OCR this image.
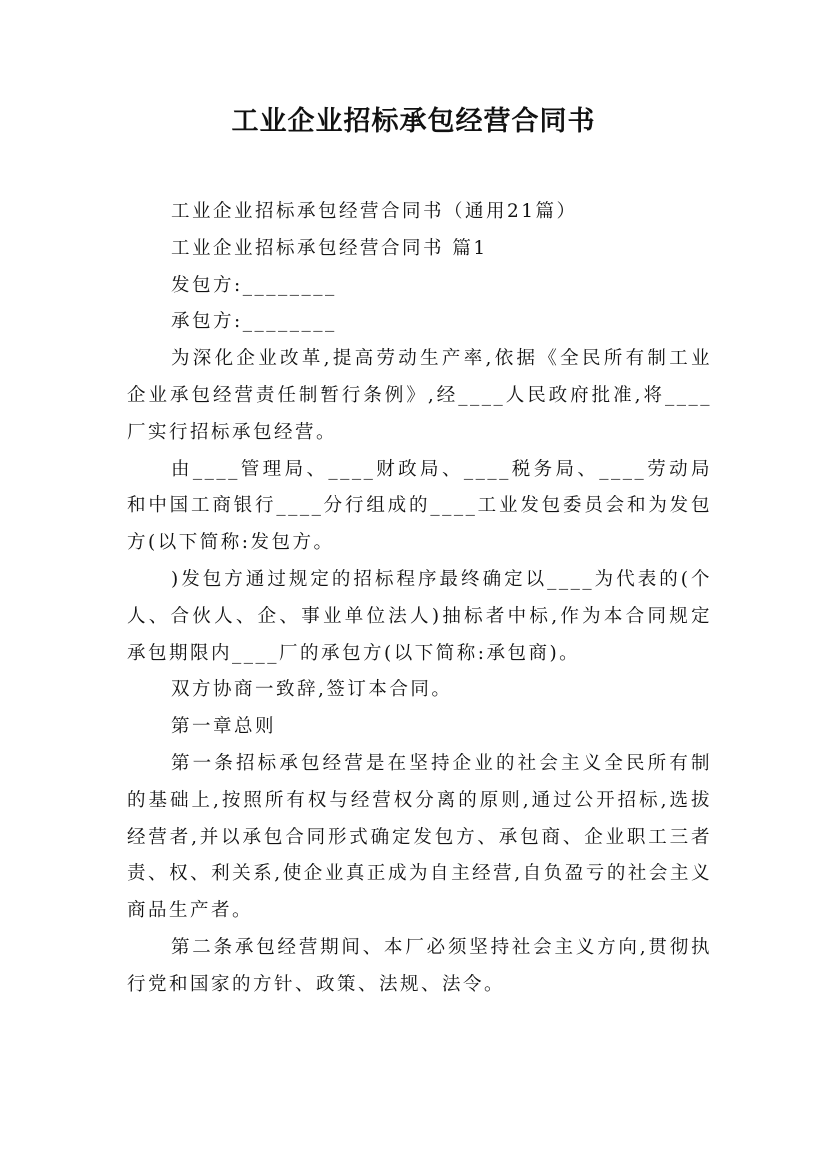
工业企业招标承包经营合同书

工业企业招标承包经营合同书（通用21篇）

工业企业招标承包经营合同书 篇1

发包方:________

承包方:________

为深化企业改革,提高劳动生产率,依据《全民所有制工业企业承包经营责任制暂行条例》,经____人民政府批准,将____厂实行招标承包经营。

由____管理局、____财政局、____税务局、____劳动局和中国工商银行____分行组成的____工业发包委员会和为发包方(以下简称:发包方。

)发包方通过规定的招标程序最终确定以____为代表的(个人、合伙人、企、事业单位法人)抽标者中标,作为本合同规定承包期限内____厂的承包方(以下简称:承包商)。

双方协商一致辞,签订本合同。

第一章总则

第一条招标承包经营是在坚持企业的社会主义全民所有制的基础上,按照所有权与经营权分离的原则,通过公开招标,选拔经营者,并以承包合同形式确定发包方、承包商、企业职工三者责、权、利关系,使企业真正成为自主经营,自负盈亏的社会主义商品生产者。

第二条承包经营期间、本厂必须坚持社会主义方向,贯彻执行党和国家的方针、政策、法规、法令。
